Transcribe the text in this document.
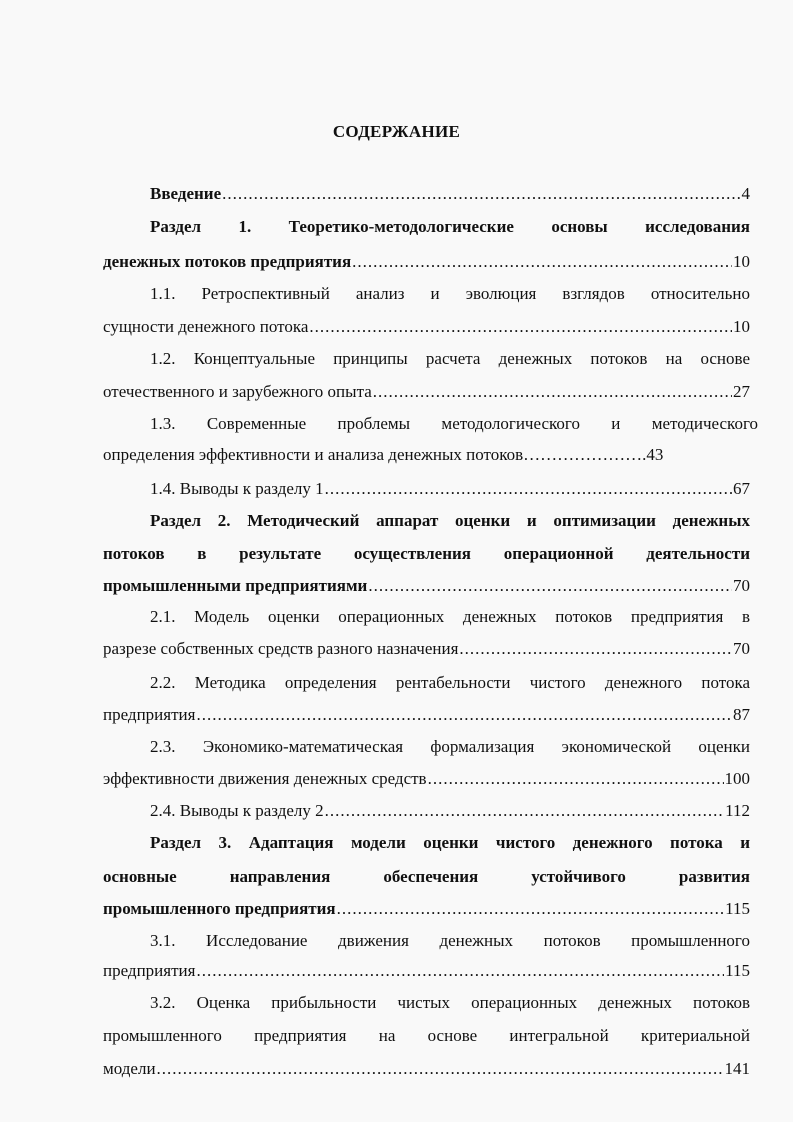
СОДЕРЖАНИЕ
Введение .....	4
Раздел 1. Теоретико-методологические основы исследования
денежных потоков предприятия .....	10
1.1. Ретроспективный анализ и эволюция взглядов относительно
сущности денежного потока .....	10
1.2. Концептуальные принципы расчета денежных потоков на основе
отечественного и зарубежного опыта .....	27
1.3. Современные проблемы методологического и методического
определения эффективности и анализа денежных потоков………………….43
1.4. Выводы к разделу 1 .....	67
Раздел 2. Методический аппарат оценки и оптимизации денежных
потоков в результате осуществления операционной деятельности
промышленными предприятиями .....	70
2.1. Модель оценки операционных денежных потоков предприятия в
разрезе собственных средств разного назначения .....	70
2.2. Методика определения рентабельности чистого денежного потока
предприятия .....	87
2.3. Экономико-математическая формализация экономической оценки
эффективности движения денежных средств .....	100
2.4. Выводы к разделу 2 .....	112
Раздел 3. Адаптация модели оценки чистого денежного потока и
основные направления обеспечения устойчивого развития
промышленного предприятия .....	115
3.1. Исследование движения денежных потоков промышленного
предприятия .....	115
3.2. Оценка прибыльности чистых операционных денежных потоков
промышленного предприятия на основе интегральной критериальной
модели .....	141
